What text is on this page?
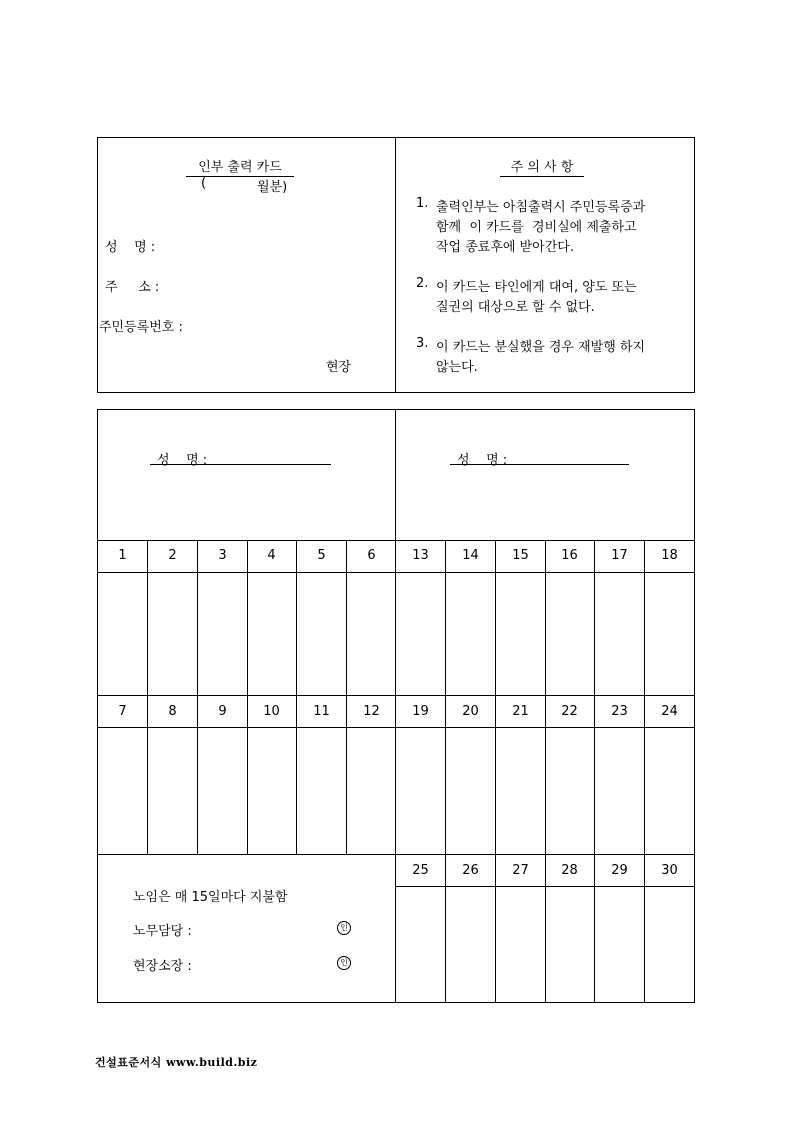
인부 출력 카드
(	월분)
성    명 :
주     소 :
주민등록번호 :
현장
주 의 사 항
1. 출력인부는 아침출력시 주민등록증과
함께  이 카드를  경비실에 제출하고
작업 종료후에 받아간다.
2. 이 카드는 타인에게 대여, 양도 또는
질권의 대상으로 할 수 없다.
3. 이 카드는 분실했을 경우 재발행 하지
않는다.
성    명 :	성    명 :
1	2	3	4	5	6	13	14	15	16	17	18
7	8	9	10	11	12	19	20	21	22	23	24
25	26	27	28	29	30
노임은 매 15일마다 지불함
노무담당 :	인
현장소장 :	인
건설표준서식 www.build.biz
